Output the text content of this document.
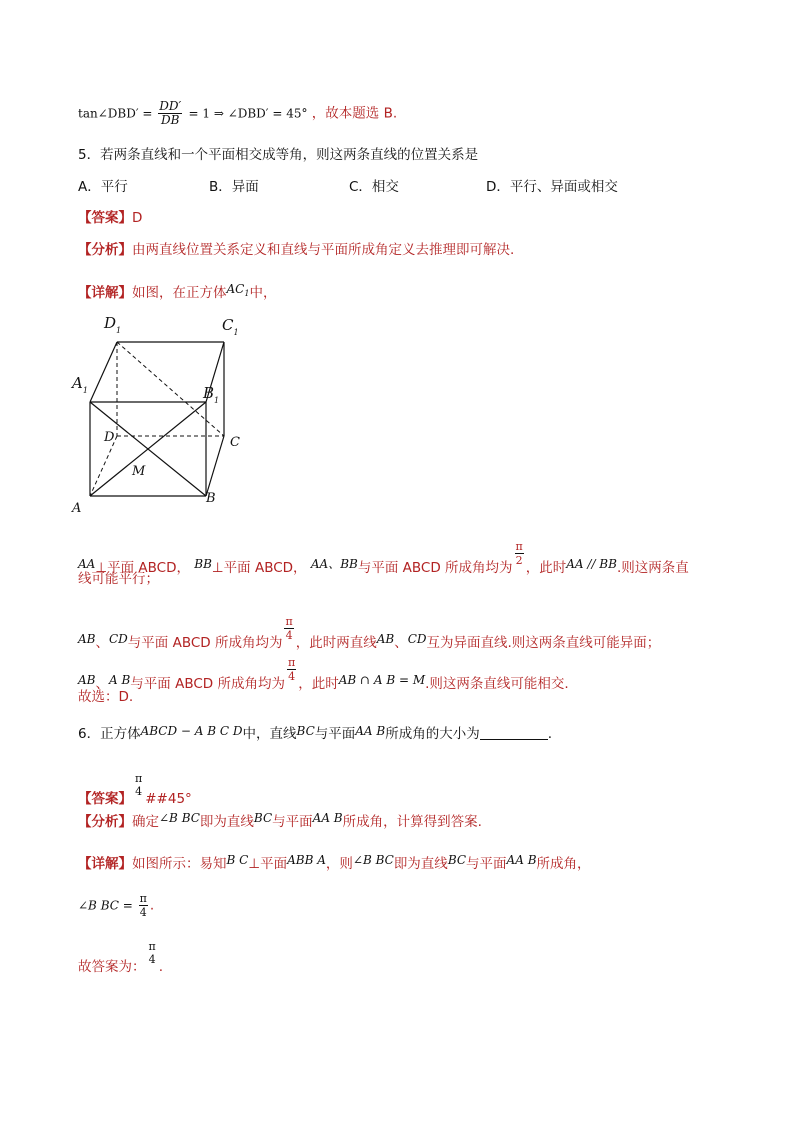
tan∠DBD′ = $\frac{DD'}{DB} = 1$ ⇒ ∠DBD′ = 45° ，故本题选 B.
5．若两条直线和一个平面相交成等角，则这两条直线的位置关系是
A．平行	B．异面	C．相交	D．平行、异面或相交
【答案】D
【分析】由两直线位置关系定义和直线与平面所成角定义去推理即可解决.
【详解】如图，在正方体$AC_1$中，
$D_1$	$C_1$
$A_1$	$B_1$
D	C
M
A
B
AA⊥平面 ABCD， BB⊥平面 ABCD， AA、BB与平面 ABCD 所成角均为
$\frac{\pi}{2}$
，此时AA // BB.则这两条直
线可能平行；
AB、CD与平面 ABCD 所成角均为
$\frac{\pi}{4}$
，此时两直线AB、CD互为异面直线.则这两条直线可能异面；
AB、A B与平面 ABCD 所成角均为
$\frac{\pi}{4}$
，此时AB ∩ A B = M.则这两条直线可能相交.
故选：D.
6．正方体ABCD − A B C D中，直线BC与平面AA B所成角的大小为	.
【答案】
π
4 ##45°
【分析】确定∠B BC即为直线BC与平面AA B所成角，计算得到答案.
【详解】如图所示：易知B C⊥平面ABB A，则∠B BC即为直线BC与平面AA B所成角，
∠B BC = $\frac{\pi}{4}$ .
故答案为：
π
4 .
